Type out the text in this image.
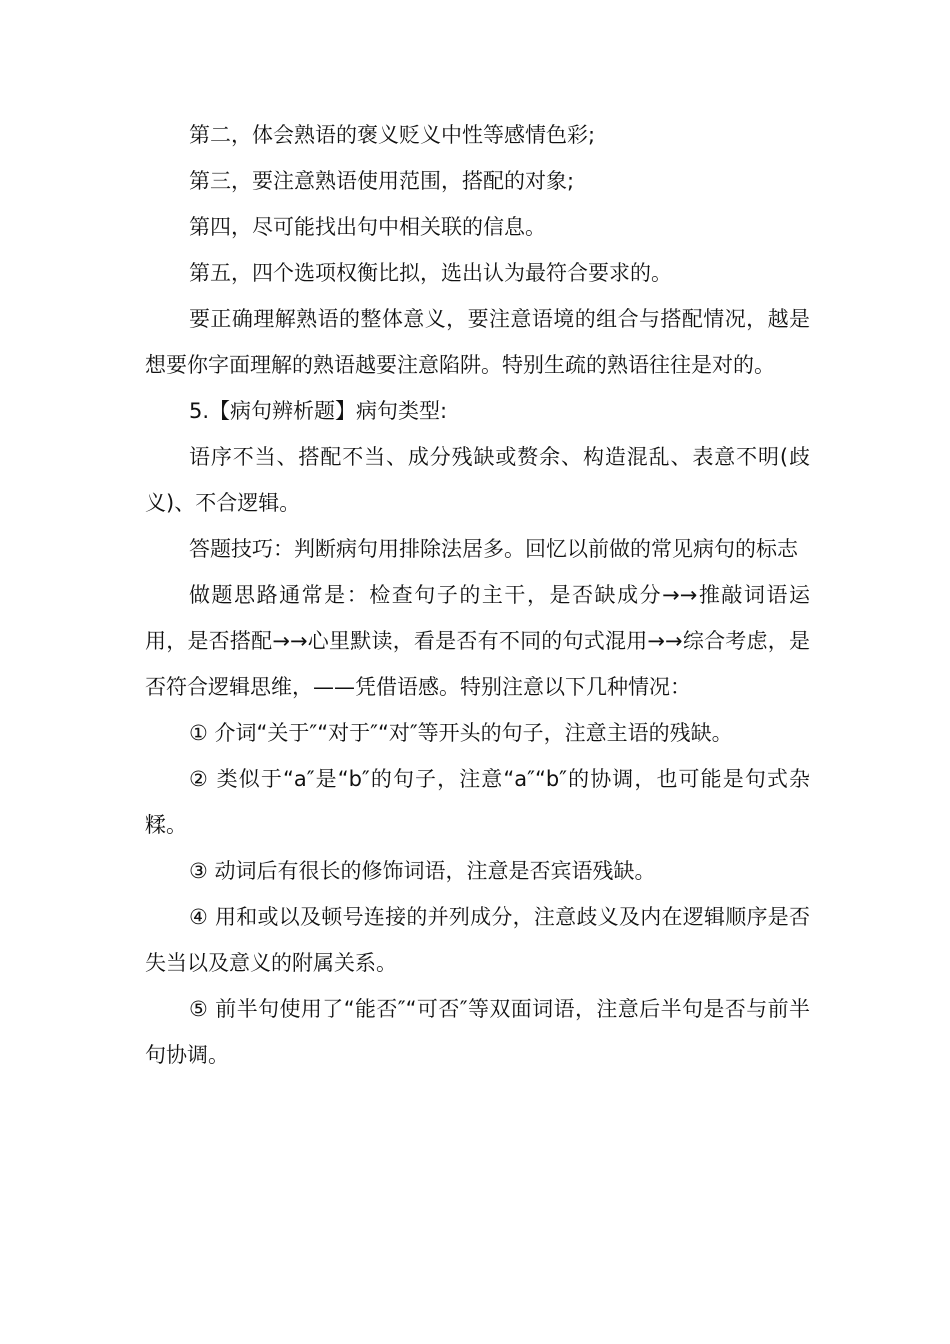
第二，体会熟语的褒义贬义中性等感情色彩;

第三，要注意熟语使用范围，搭配的对象;

第四，尽可能找出句中相关联的信息。

第五，四个选项权衡比拟，选出认为最符合要求的。

要正确理解熟语的整体意义，要注意语境的组合与搭配情况，越是想要你字面理解的熟语越要注意陷阱。特别生疏的熟语往往是对的。

5.【病句辨析题】病句类型:

语序不当、搭配不当、成分残缺或赘余、构造混乱、表意不明(歧义)、不合逻辑。

答题技巧：判断病句用排除法居多。回忆以前做的常见病句的标志

做题思路通常是：检查句子的主干，是否缺成分→→推敲词语运用，是否搭配→→心里默读，看是否有不同的句式混用→→综合考虑，是否符合逻辑思维，——凭借语感。特别注意以下几种情况：

① 介词“关于″“对于″“对″等开头的句子，注意主语的残缺。

② 类似于“a″是“b″的句子，注意“a″“b″的协调，也可能是句式杂糅。

③ 动词后有很长的修饰词语，注意是否宾语残缺。

④ 用和或以及顿号连接的并列成分，注意歧义及内在逻辑顺序是否失当以及意义的附属关系。

⑤ 前半句使用了“能否″“可否″等双面词语，注意后半句是否与前半句协调。
